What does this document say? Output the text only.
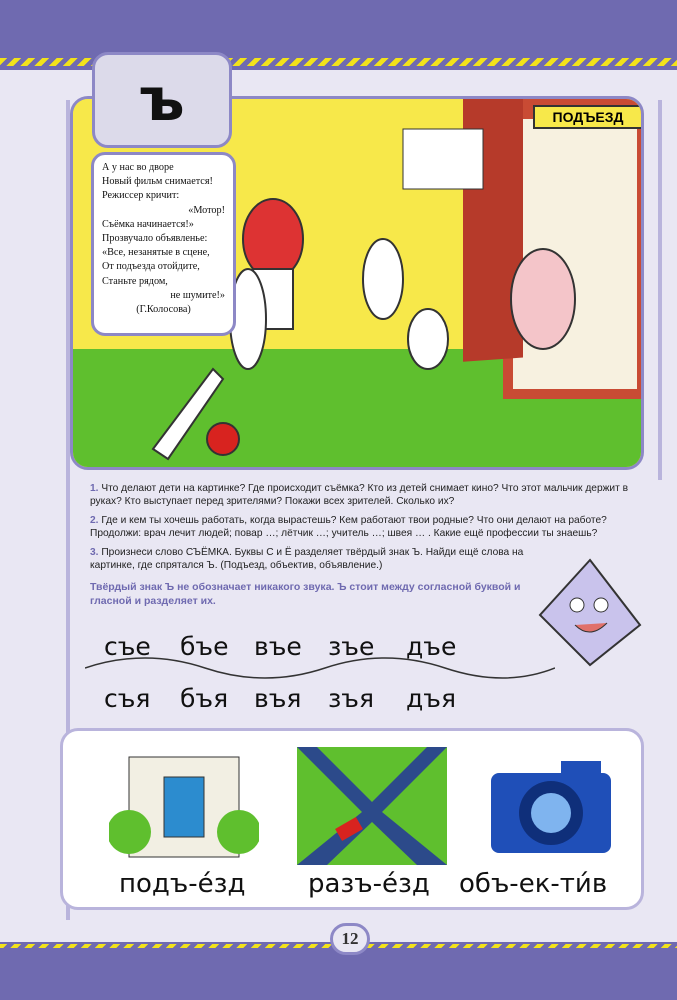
ПОДЪЕЗД
ъ
А у нас во дворе
Новый фильм снимается!
Режиссер кричит:
«Мотор!
Съёмка начинается!»
Прозвучало объявленье:
«Все, незанятые в сцене,
От подъезда отойдите,
Станьте рядом,
не шумите!»
(Г.Колосова)
1. Что делают дети на картинке? Где происходит съёмка? Кто из детей снимает кино? Что этот мальчик держит в руках? Кто выступает перед зрителями? Покажи всех зрителей. Сколько их?
2. Где и кем ты хочешь работать, когда вырастешь? Кем работают твои родные? Что они делают на работе? Продолжи: врач лечит людей; повар …; лётчик …; учитель …; швея … . Какие ещё профессии ты знаешь?
3. Произнеси слово СЪЁМКА. Буквы С и Ё разделяет твёрдый знак Ъ. Найди ещё слова на картинке, где спрятался Ъ. (Подъезд, объектив, объявление.)
Твёрдый знак Ъ не обозначает никакого звука. Ъ стоит между согласной буквой и гласной и разделяет их.
съе бъе въе зъе дъе
съя бъя въя зъя дъя
подъ-е́зд разъ-е́зд объ-ек-ти́в
12
